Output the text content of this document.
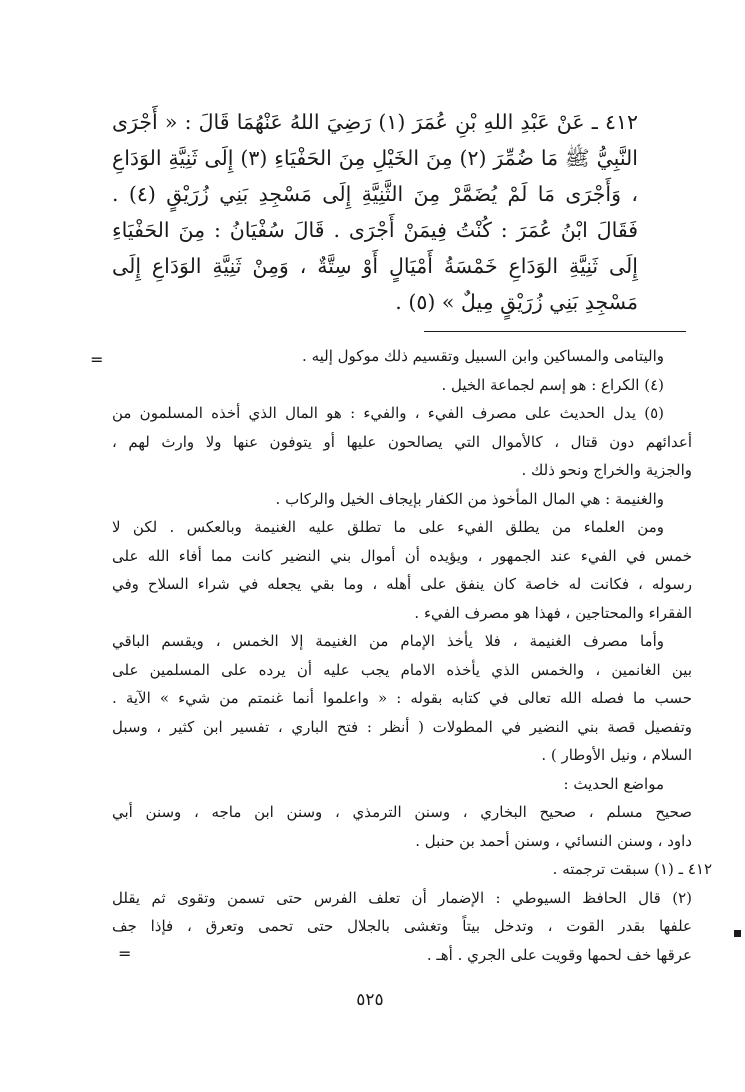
٤١٢ ـ عَنْ عَبْدِ اللهِ بْنِ عُمَرَ (١) رَضِيَ اللهُ عَنْهُمَا قَالَ : « أَجْرَى النَّبِيُّ ﷺ مَا ضُمِّرَ (٢) مِنَ الخَيْلِ مِنَ الحَفْيَاءِ (٣) إِلَى ثَنِيَّةِ الوَدَاعِ ، وَأَجْرَى مَا لَمْ يُضَمَّرْ مِنَ الثَّنِيَّةِ إِلَى مَسْجِدِ بَنِي زُرَيْقٍ (٤) . فَقَالَ ابْنُ عُمَرَ : كُنْتُ فِيمَنْ أَجْرَى . قَالَ سُفْيَانُ : مِنَ الحَفْيَاءِ إِلَى ثَنِيَّةِ الوَدَاعِ خَمْسَةُ أَمْيَالٍ أَوْ سِتَّةٌ ، وَمِنْ ثَنِيَّةِ الوَدَاعِ إِلَى مَسْجِدِ بَنِي زُرَيْقٍ مِيلٌ » (٥) .

=	واليتامى والمساكين وابن السبيل وتقسيم ذلك موكول إليه .
(٤) الكراع : هو إسم لجماعة الخيل .
(٥) يدل الحديث على مصرف الفيء ، والفيء : هو المال الذي أخذه المسلمون من
أعدائهم دون قتال ، كالأموال التي يصالحون عليها أو يتوفون عنها ولا وارث لهم ،
والجزية والخراج ونحو ذلك .
والغنيمة : هي المال المأخوذ من الكفار بإيجاف الخيل والركاب .
ومن العلماء من يطلق الفيء على ما تطلق عليه الغنيمة وبالعكس . لكن لا
خمس في الفيء عند الجمهور ، ويؤيده أن أموال بني النضير كانت مما أفاء الله على
رسوله ، فكانت له خاصة كان ينفق على أهله ، وما بقي يجعله في شراء السلاح وفي
الفقراء والمحتاجين ، فهذا هو مصرف الفيء .
وأما مصرف الغنيمة ، فلا يأخذ الإمام من الغنيمة إلا الخمس ، ويقسم الباقي
بين الغانمين ، والخمس الذي يأخذه الامام يجب عليه أن يرده على المسلمين على
حسب ما فصله الله تعالى في كتابه بقوله : « واعلموا أنما غنمتم من شيء » الآية .
وتفصيل قصة بني النضير في المطولات ( أنظر : فتح الباري ، تفسير ابن كثير ، وسبل
السلام ، ونيل الأوطار ) .
مواضع الحديث :
صحيح مسلم ، صحيح البخاري ، وسنن الترمذي ، وسنن ابن ماجه ، وسنن أبي
داود ، وسنن النسائي ، وسنن أحمد بن حنبل .
٤١٢ ـ (١) سبقت ترجمته .
(٢) قال الحافظ السيوطي : الإضمار أن تعلف الفرس حتى تسمن وتقوى ثم يقلل
علفها بقدر القوت ، وتدخل بيتاً وتغشى بالجلال حتى تحمى وتعرق ، فإذا جف
عرقها خف لحمها وقويت على الجري . أهـ .
=
٥٢٥
